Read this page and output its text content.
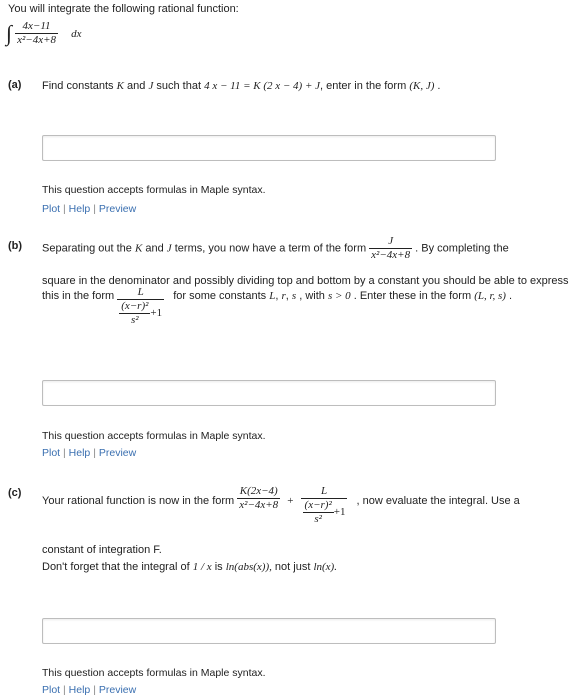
You will integrate the following rational function:
∫ $\frac{4x-11}{\text{x²−4x+8}}$ dx
(a) Find constants K and J such that 4 x − 11 = K (2 x − 4) + J, enter in the form (K, J) .
This question accepts formulas in Maple syntax.
Plot | Help | Preview
(b) Separating out the K and J terms, you now have a term of the form $\frac{J}{\text{x²−4x+8}}$ . By completing the
square in the denominator and possibly dividing top and bottom by a constant you should be able to express
this in the form $\frac{L}{\frac{\text{(x−r)²}}{\text{s²}} +1}$ for some constants L, r, s , with s > 0 . Enter these in the form (L, r, s) .
This question accepts formulas in Maple syntax.
Plot | Help | Preview
(c)
Your rational function is now in the form $\frac{K(2x-4)}{\text{x²−4x+8}} + \frac{L}{\frac{\text{(x−r)²}}{\text{s²}} +1}$ , now evaluate the integral. Use a
constant of integration F.
Don't forget that the integral of 1 / x is ln(abs(x)), not just ln(x).
This question accepts formulas in Maple syntax.
Plot | Help | Preview
